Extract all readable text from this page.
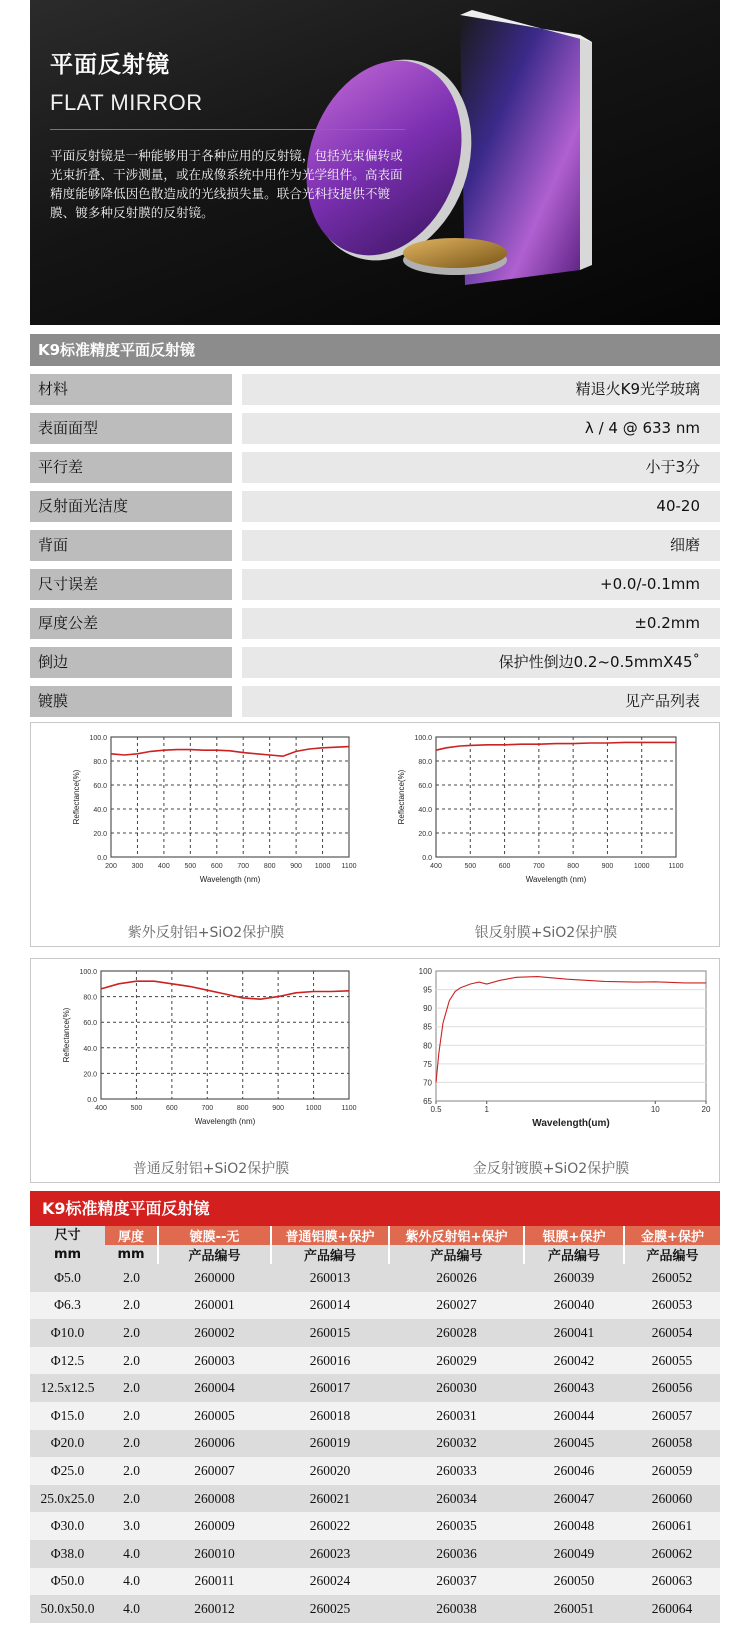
平面反射镜
FLAT MIRROR
平面反射镜是一种能够用于各种应用的反射镜，包括光束偏转或光束折叠、干涉测量，或在成像系统中用作为光学组件。高表面精度能够降低因色散造成的光线损失量。联合光科技提供不镀膜、镀多种反射膜的反射镜。
K9标准精度平面反射镜
材料	精退火K9光学玻璃
表面面型	λ / 4 @ 633 nm
平行差	小于3分
反射面光洁度	40-20
背面	细磨
尺寸误差	+0.0/-0.1mm
厚度公差	±0.2mm
倒边	保护性倒边0.2~0.5mmX45˚
镀膜	见产品列表
0.0
20.0
40.0
60.0
80.0
100.0
200 300 400 500 600 700 800 900 1000 1100
Wavelength (nm)
Reflectance(%)
紫外反射铝+SiO2保护膜
0.0
20.0
40.0
60.0
80.0
100.0
400	500	600	700	800	900	1000	1100
Wavelength (nm)
Reflectance(%)
银反射膜+SiO2保护膜
0.0
20.0
40.0
60.0
80.0
100.0
400	500	600	700	800	900	1000	1100
Wavelength (nm)
Reflectance(%)
普通反射铝+SiO2保护膜
65
70
75
80
85
90
95
100
0.5	1	10	20
Wavelength(um)
金反射镀膜+SiO2保护膜
K9标准精度平面反射镜
尺寸	厚度	镀膜--无	普通铝膜+保护	紫外反射铝+保护	银膜+保护	金膜+保护
mm	mm	产品编号	产品编号	产品编号	产品编号	产品编号
Φ5.0	2.0	260000	260013	260026	260039	260052
Φ6.3	2.0	260001	260014	260027	260040	260053
Φ10.0	2.0	260002	260015	260028	260041	260054
Φ12.5	2.0	260003	260016	260029	260042	260055
12.5x12.5	2.0	260004	260017	260030	260043	260056
Φ15.0	2.0	260005	260018	260031	260044	260057
Φ20.0	2.0	260006	260019	260032	260045	260058
Φ25.0	2.0	260007	260020	260033	260046	260059
25.0x25.0	2.0	260008	260021	260034	260047	260060
Φ30.0	3.0	260009	260022	260035	260048	260061
Φ38.0	4.0	260010	260023	260036	260049	260062
Φ50.0	4.0	260011	260024	260037	260050	260063
50.0x50.0	4.0	260012	260025	260038	260051	260064
